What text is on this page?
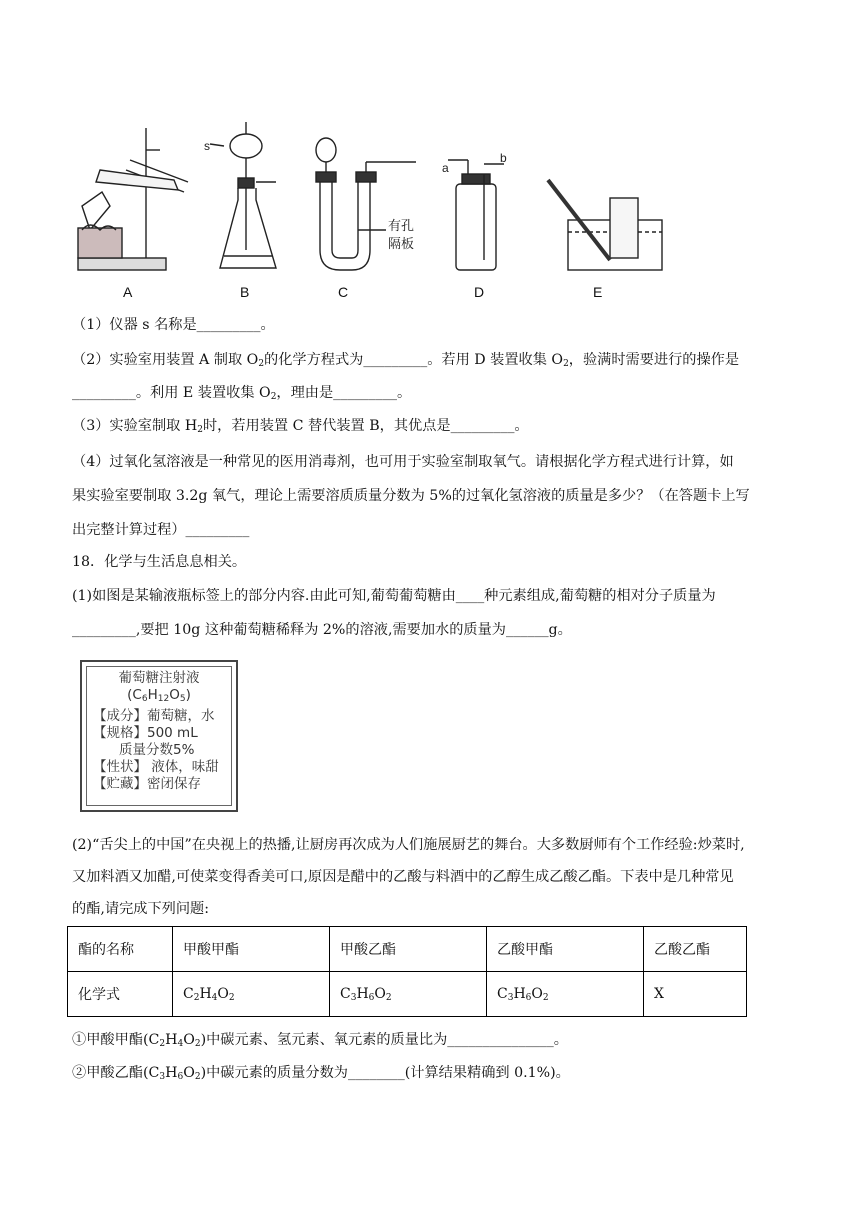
s
a
b
有孔
隔板
A	B	C	D	E
（1）仪器 s 名称是_________。
（2）实验室用装置 A 制取 $O_2$的化学方程式为_________。若用 D 装置收集 $O_2$，验满时需要进行的操作是
_________。利用 E 装置收集 $O_2$，理由是_________。
（3）实验室制取 $H_2$时，若用装置 C 替代装置 B，其优点是_________。
（4）过氧化氢溶液是一种常见的医用消毒剂，也可用于实验室制取氧气。请根据化学方程式进行计算，如
果实验室要制取 3.2g 氧气，理论上需要溶质质量分数为 5%的过氧化氢溶液的质量是多少？（在答题卡上写
出完整计算过程）_________
18．化学与生活息息相关。
(1)如图是某输液瓶标签上的部分内容.由此可知,葡萄葡萄糖由____种元素组成,葡萄糖的相对分子质量为
_________,要把 10g 这种葡萄糖稀释为 2%的溶液,需要加水的质量为______g。
葡萄糖注射液
$(C_6H_{12}O_5)$
【成分】葡萄糖，水
【规格】500 mL
质量分数5%
【性状】 液体，味甜
【贮藏】密闭保存
(2)“舌尖上的中国”在央视上的热播,让厨房再次成为人们施展厨艺的舞台。大多数厨师有个工作经验:炒菜时,
又加料酒又加醋,可使菜变得香美可口,原因是醋中的乙酸与料酒中的乙醇生成乙酸乙酯。下表中是几种常见
的酯,请完成下列问题:
酯的名称	甲酸甲酯	甲酸乙酯	乙酸甲酯	乙酸乙酯
化学式	$C_2H_4O_2$	$C_3H_6O_2$	$C_3H_6O_2$	X
①甲酸甲酯$(C_2H_4O_2)$中碳元素、氢元素、氧元素的质量比为_______________。
②甲酸乙酯$(C_3H_6O_2)$中碳元素的质量分数为________(计算结果精确到 0.1%)。
